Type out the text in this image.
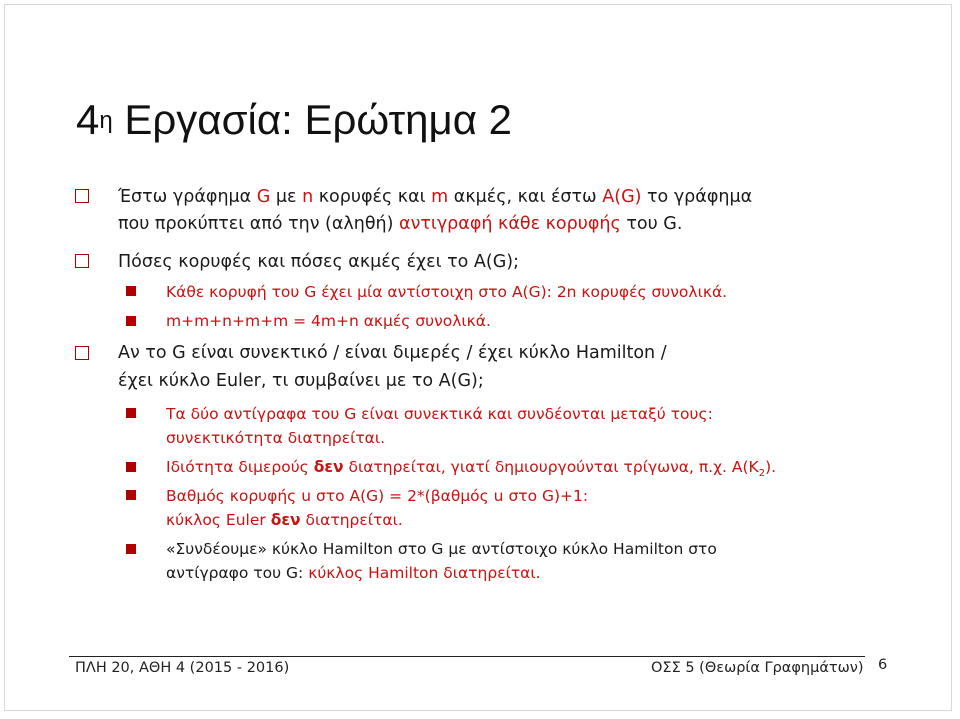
$4^\eta$ Εργασία: Ερώτημα 2
Έστω γράφημα G με n κορυφές και m ακμές, και έστω A(G) το γράφημα
που προκύπτει από την (αληθή) αντιγραφή κάθε κορυφής του G.
Πόσες κορυφές και πόσες ακμές έχει το A(G);
Κάθε κορυφή του G έχει μία αντίστοιχη στο A(G): 2n κορυφές συνολικά.
m+m+n+m+m = 4m+n ακμές συνολικά.
Αν το G είναι συνεκτικό / είναι διμερές / έχει κύκλο Hamilton /
έχει κύκλο Euler, τι συμβαίνει με το A(G);
Τα δύο αντίγραφα του G είναι συνεκτικά και συνδέονται μεταξύ τους:
συνεκτικότητα διατηρείται.
Ιδιότητα διμερούς δεν διατηρείται, γιατί δημιουργούνται τρίγωνα, π.χ. $A(K_2)$.
Βαθμός κορυφής u στο A(G) = 2*(βαθμός u στο G)+1:
κύκλος Euler δεν διατηρείται.
«Συνδέουμε» κύκλο Hamilton στο G με αντίστοιχο κύκλο Hamilton στο
αντίγραφο του G: κύκλος Hamilton διατηρείται.
ΠΛΗ 20, ΑΘΗ 4 (2015 - 2016)	ΟΣΣ 5 (Θεωρία Γραφημάτων) 6
